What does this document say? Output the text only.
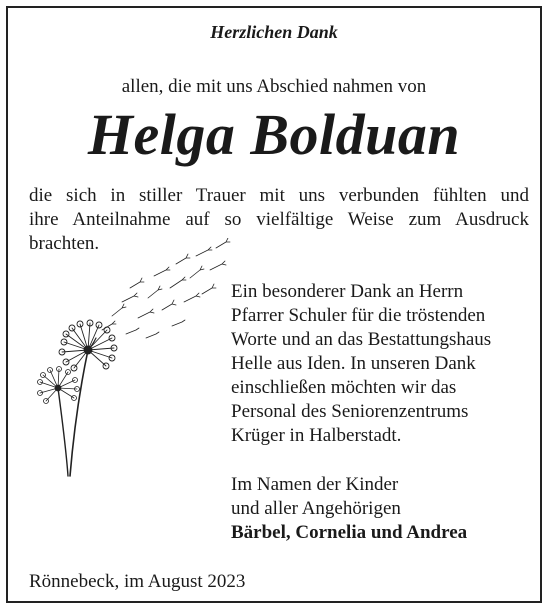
Herzlichen Dank
allen, die mit uns Abschied nahmen von
Helga Bolduan
die sich in stiller Trauer mit uns verbunden fühlten und
ihre Anteilnahme auf so vielfältige Weise zum Ausdruck
brachten.
Ein besonderer Dank an Herrn
Pfarrer Schuler für die tröstenden
Worte und an das Bestattungshaus
Helle aus Iden. In unseren Dank
einschließen möchten wir das
Personal des Seniorenzentrums
Krüger in Halberstadt.
Im Namen der Kinder
und aller Angehörigen
Bärbel, Cornelia und Andrea
Rönnebeck, im August 2023
